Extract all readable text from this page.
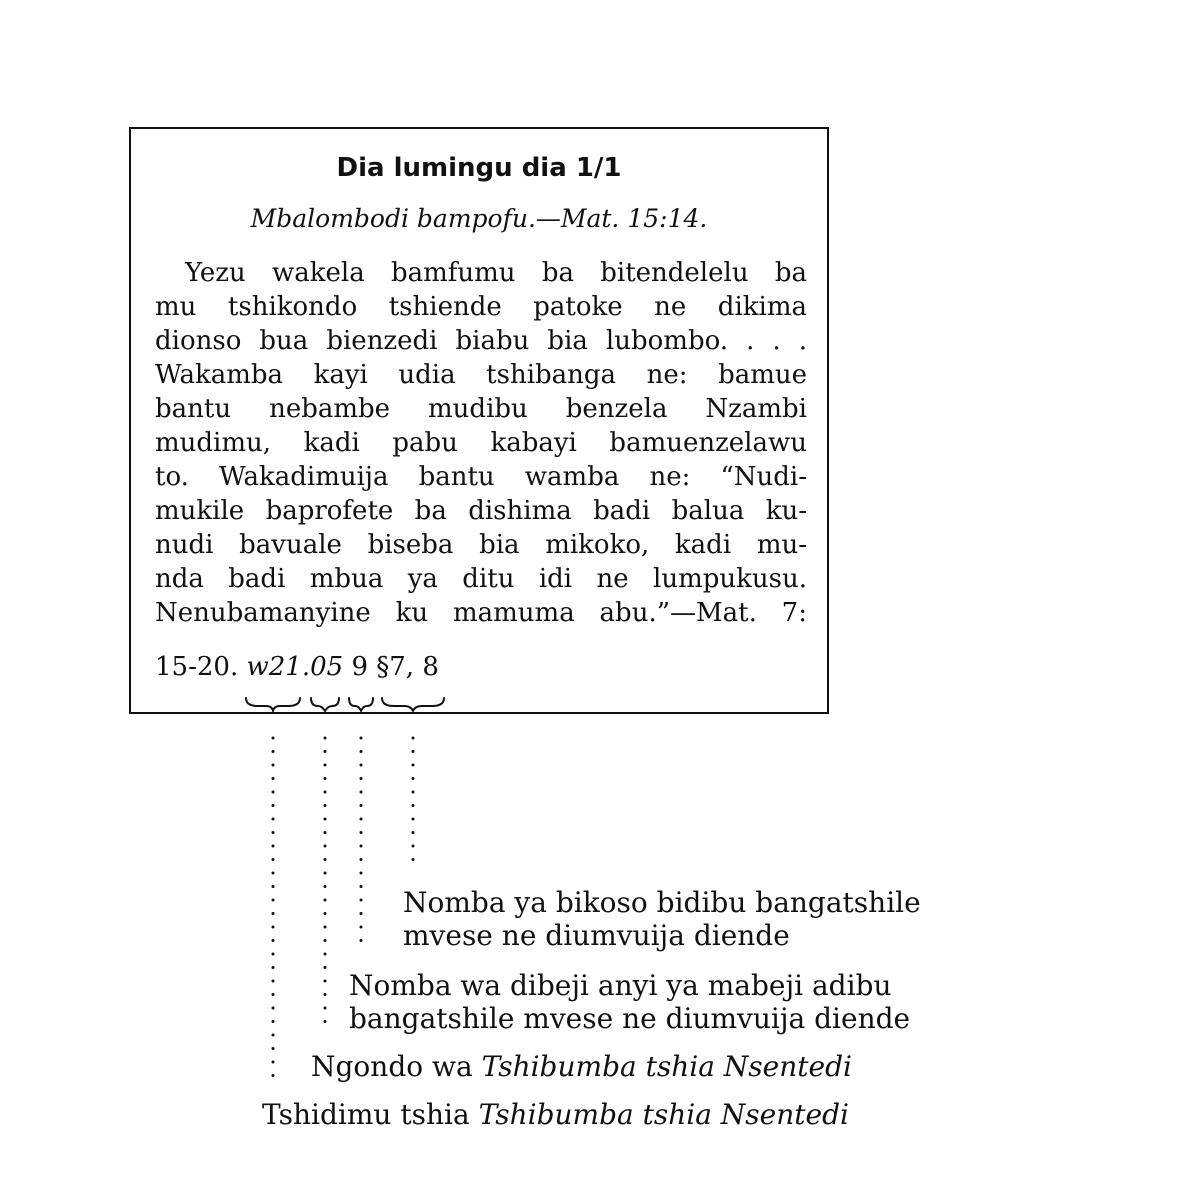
Dia lumingu dia 1/1
Mbalombodi bampofu.—Mat. 15:14.
Yezu wakela bamfumu ba bitendelelu ba
mu tshikondo tshiende patoke ne dikima
dionso bua bienzedi biabu bia lubombo. . . .
Wakamba kayi udia tshibanga ne: bamue
bantu nebambe mudibu benzela Nzambi
mudimu, kadi pabu kabayi bamuenzelawu
to. Wakadimuija bantu wamba ne: “Nudi-
mukile baprofete ba dishima badi balua ku-
nudi bavuale biseba bia mikoko, kadi mu-
nda badi mbua ya ditu idi ne lumpukusu.
Nenubamanyine ku mamuma abu.”—Mat. 7:
15-20. w21.05 9 §7, 8
Nomba ya bikoso bidibu bangatshile
mvese ne diumvuija diende
Nomba wa dibeji anyi ya mabeji adibu
bangatshile mvese ne diumvuija diende
Ngondo wa Tshibumba tshia Nsentedi
Tshidimu tshia Tshibumba tshia Nsentedi
